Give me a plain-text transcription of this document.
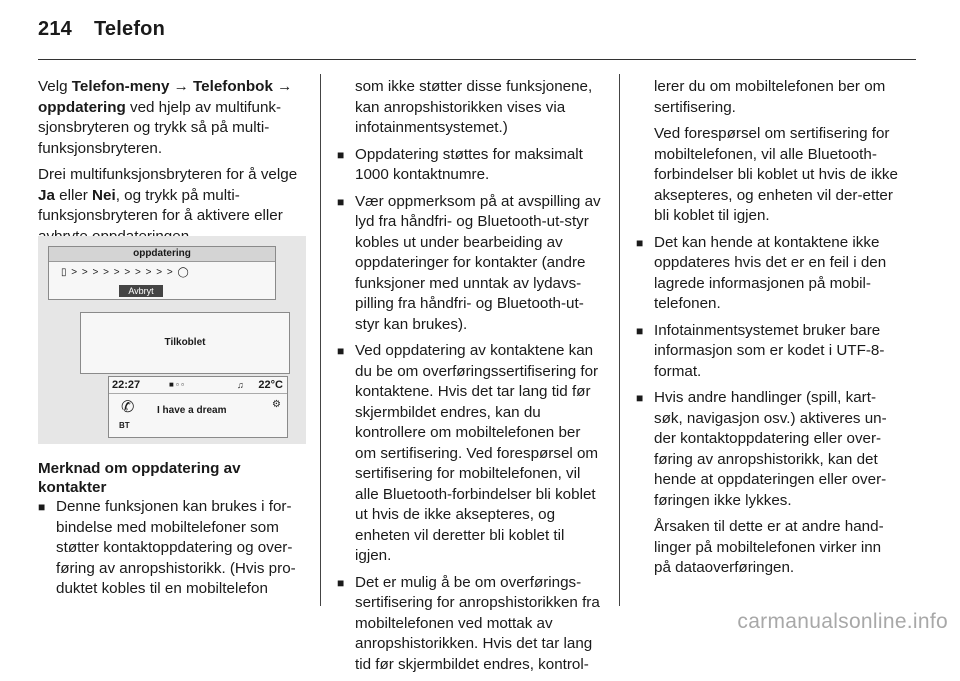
214 Telefon

Velg Telefon-meny → Telefonbok → oppdatering ved hjelp av multifunk-sjonsbryteren og trykk så på multi-funksjonsbryteren.

Drei multifunksjonsbryteren for å velge Ja eller Nei, og trykk på multi-funksjonsbryteren for å aktivere eller

oppdatering
▯ > > > > > > > > > > ◯
Avbryt
Tilkoblet
22:27	■ ▫ ▫	♫ 22°C
✆	⚙
I have a dream
BT
Merknad om oppdatering av kontakter
■ Denne funksjonen kan brukes i for-bindelse med mobiltelefoner som støtter kontaktoppdatering og over-føring av anropshistorikk. (Hvis pro-duktet kobles til en mobiltelefon

som ikke støtter disse funksjonene, kan anropshistorikken vises via infotainmentsystemet.)

■ Oppdatering støttes for maksimalt 1000 kontaktnumre.
■ Vær oppmerksom på at avspilling av lyd fra håndfri- og Bluetooth-ut-styr kobles ut under bearbeiding av oppdateringer for kontakter (andre funksjoner med unntak av lydavs-pilling fra håndfri- og Bluetooth-ut-styr kan brukes).
■ Ved oppdatering av kontaktene kan du be om overføringssertifisering for kontaktene. Hvis det tar lang tid før skjermbildet endres, kan du kontrollere om mobiltelefonen ber om sertifisering. Ved forespørsel om sertifisering for mobiltelefonen, vil alle Bluetooth-forbindelser bli koblet ut hvis de ikke aksepteres, og enheten vil deretter bli koblet til igjen.
■ Det er mulig å be om overførings-sertifisering for anropshistorikken fra mobiltelefonen ved mottak av anropshistorikken. Hvis det tar lang tid før skjermbildet endres, kontrol-

lerer du om mobiltelefonen ber om sertifisering.

Ved forespørsel om sertifisering for mobiltelefonen, vil alle Bluetooth-forbindelser bli koblet ut hvis de ikke aksepteres, og enheten vil der-etter bli koblet til igjen.

■ Det kan hende at kontaktene ikke oppdateres hvis det er en feil i den lagrede informasjonen på mobil-telefonen.
■ Infotainmentsystemet bruker bare informasjon som er kodet i UTF-8-format.
■ Hvis andre handlinger (spill, kart-søk, navigasjon osv.) aktiveres un-der kontaktoppdatering eller over-føring av anropshistorikk, kan det hende at oppdateringen eller over-føringen ikke lykkes.

Årsaken til dette er at andre hand-linger på mobiltelefonen virker inn på dataoverføringen.

carmanualsonline.info
